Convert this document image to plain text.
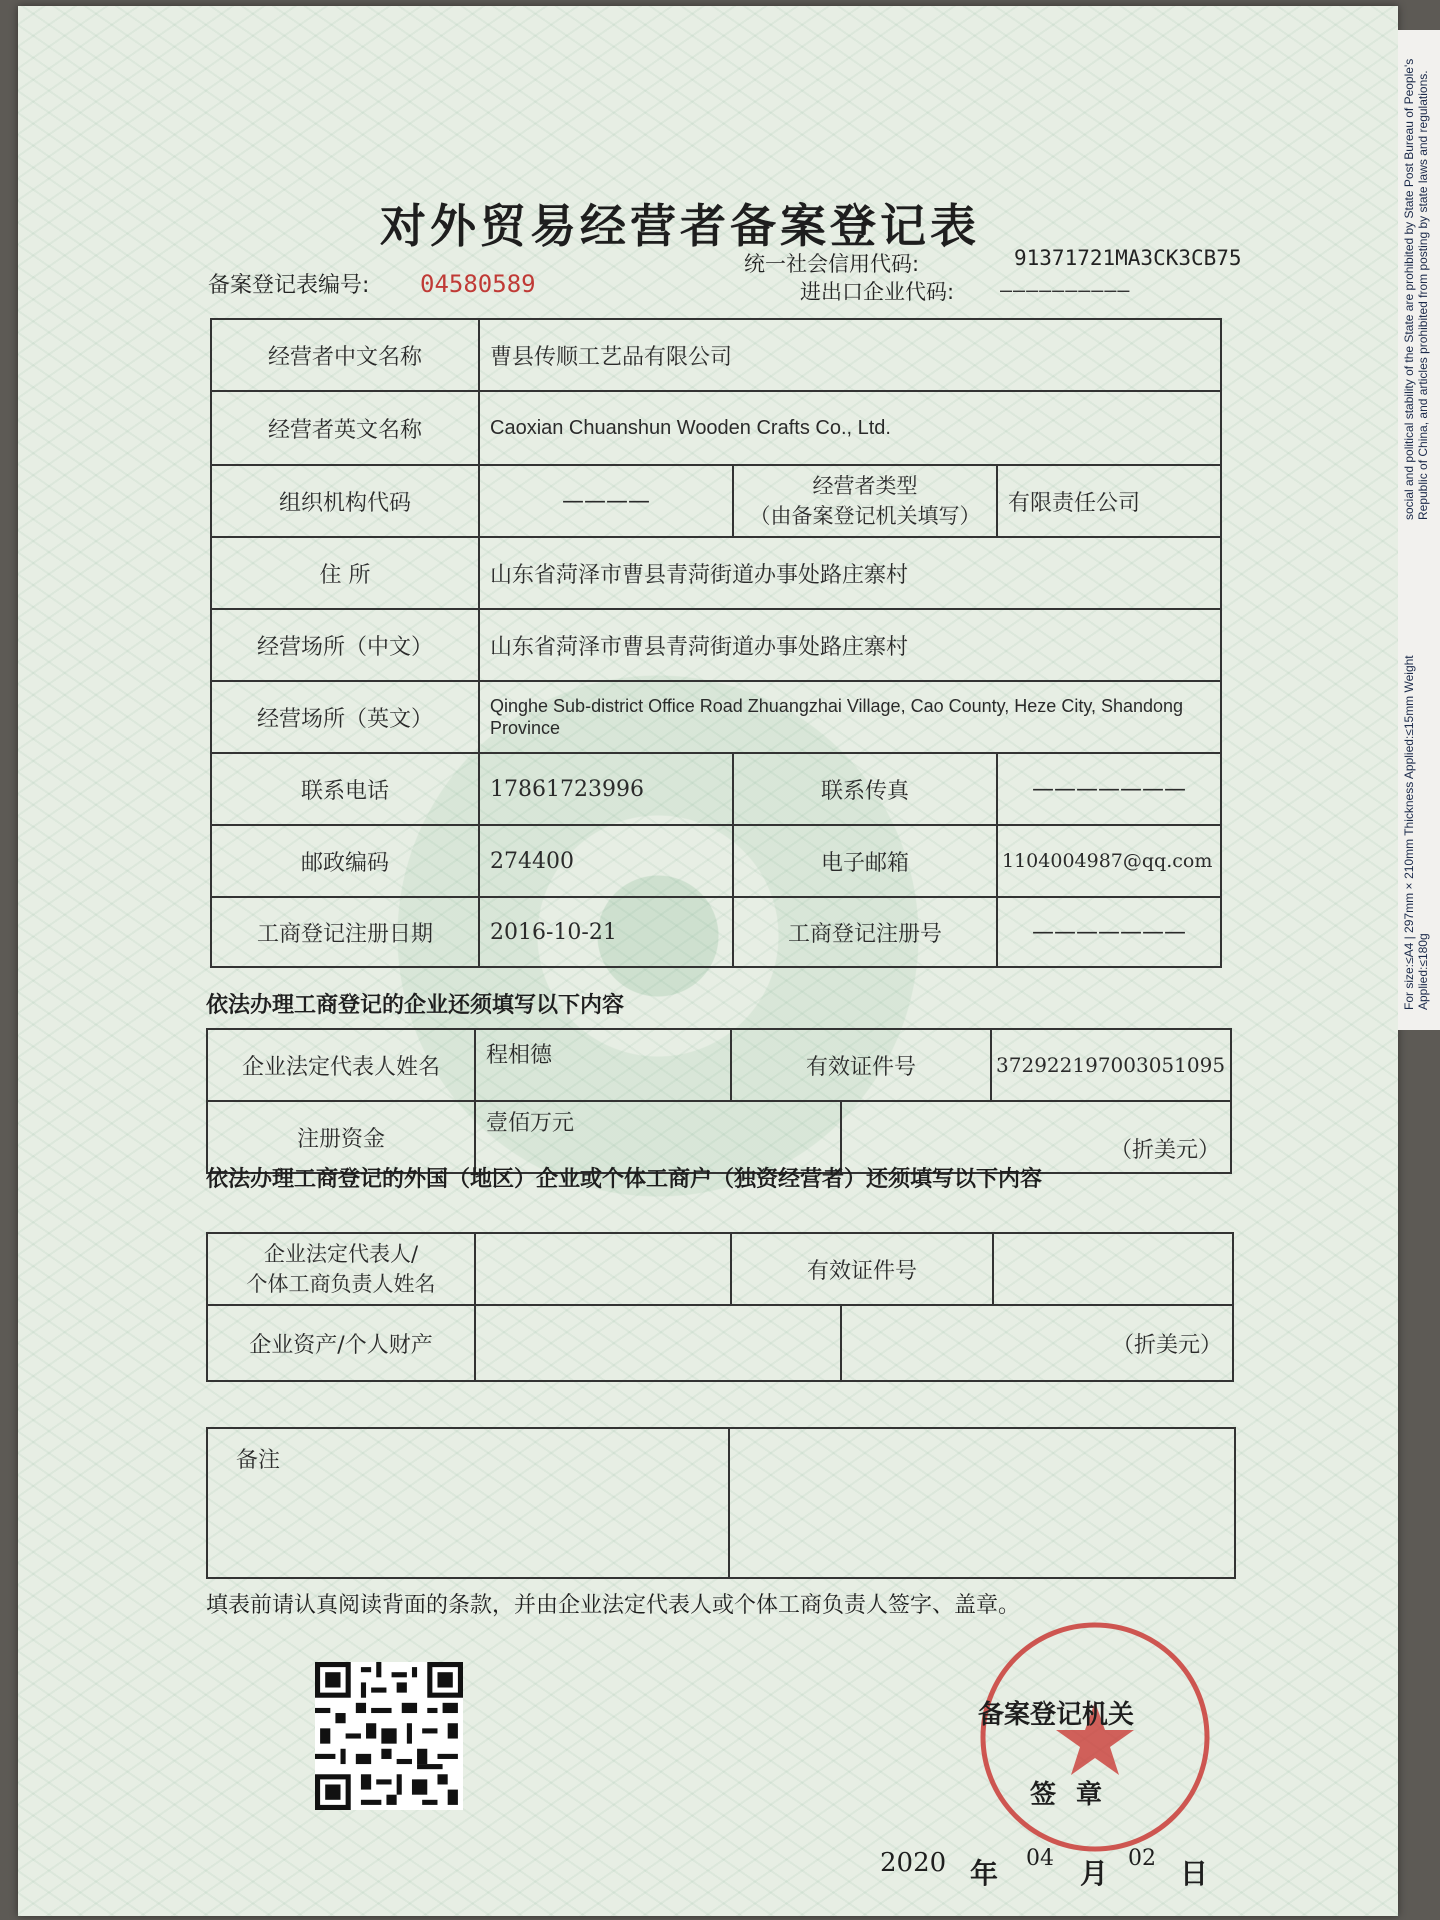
social and political stability of the State are prohibited by State Post Bureau of People's Republic of China, and articles prohibited from posting by state laws and regulations.
For size:≤A4 | 297mm×210mm Thickness Applied:≤15mm Weight Applied:≤180g
对外贸易经营者备案登记表
备案登记表编号: 04580589
统一社会信用代码:	91371721MA3CK3CB75
进出口企业代码: ——————————
经营者中文名称	曹县传顺工艺品有限公司		
经营者英文名称	Caoxian Chuanshun Wooden Crafts Co., Ltd.		
组织机构代码	————	经营者类型
（由备案登记机关填写）	有限责任公司
住 所	山东省菏泽市曹县青菏街道办事处路庄寨村		
经营场所（中文）	山东省菏泽市曹县青菏街道办事处路庄寨村		
经营场所（英文）	Qinghe Sub-district Office Road Zhuangzhai Village, Cao County, Heze City, Shandong Province		
联系电话	17861723996	联系传真	———————
邮政编码	274400	电子邮箱	1104004987@qq.com
工商登记注册日期	2016-10-21	工商登记注册号	———————
依法办理工商登记的企业还须填写以下内容
企业法定代表人姓名	程相德	有效证件号		372922197003051095
注册资金	壹佰万元		（折美元）	
依法办理工商登记的外国（地区）企业或个体工商户（独资经营者）还须填写以下内容
企业法定代表人/
个体工商负责人姓名		有效证件号		
企业资产/个人财产			（折美元）	
备注	
填表前请认真阅读背面的条款，并由企业法定代表人或个体工商负责人签字、盖章。
备案登记机关
签章
2020 年 04 月 02 日
